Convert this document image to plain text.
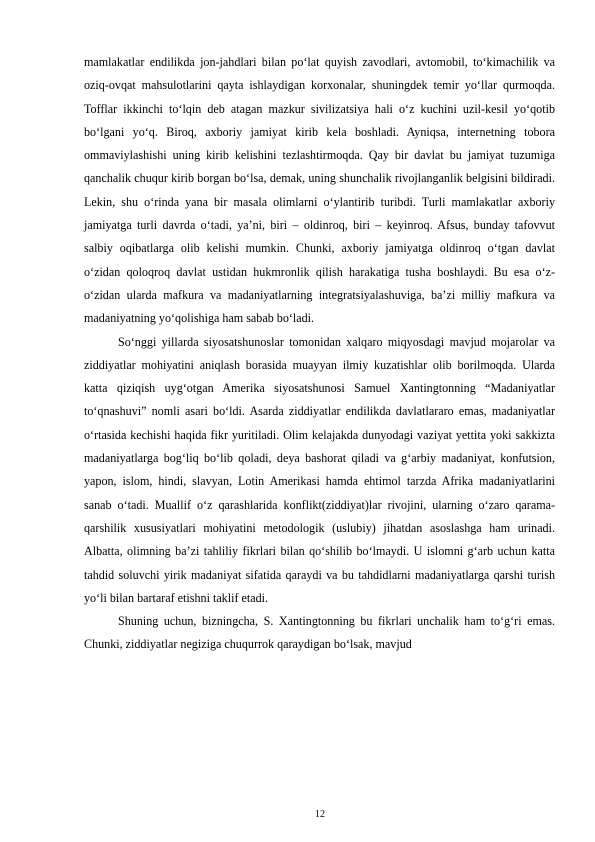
mamlakatlar endilikda jon-jahdlari bilan poʻlat quyish zavodlari, avtomobil, toʻkimachilik va oziq-ovqat mahsulotlarini qayta ishlaydigan korxonalar, shuningdek temir yoʻllar qurmoqda. Tofflar ikkinchi toʻlqin deb atagan mazkur sivilizatsiya hali oʻz kuchini uzil-kesil yoʻqotib boʻlgani yoʻq. Biroq, axboriy jamiyat kirib kela boshladi. Ayniqsa, internetning tobora ommaviylashishi uning kirib kelishini tezlashtirmoqda. Qay bir davlat bu jamiyat tuzumiga qanchalik chuqur kirib borgan boʻlsa, demak, uning shunchalik rivojlanganlik belgisini bildiradi. Lekin, shu oʻrinda yana bir masala olimlarni oʻylantirib turibdi. Turli mamlakatlar axboriy jamiyatga turli davrda oʻtadi, yaʼni, biri – oldinroq, biri – keyinroq. Afsus, bunday tafovvut salbiy oqibatlarga olib kelishi mumkin. Chunki, axboriy jamiyatga oldinroq oʻtgan davlat oʻzidan qoloqroq davlat ustidan hukmronlik qilish harakatiga tusha boshlaydi. Bu esa oʻz-oʻzidan ularda mafkura va madaniyatlarning integratsiyalashuviga, baʼzi milliy mafkura va madaniyatning yoʻqolishiga ham sabab boʻladi.

Soʻnggi yillarda siyosatshunoslar tomonidan xalqaro miqyosdagi mavjud mojarolar va ziddiyatlar mohiyatini aniqlash borasida muayyan ilmiy kuzatishlar olib borilmoqda. Ularda katta qiziqish uygʻotgan Amerika siyosatshunosi Samuel Xantingtonning “Madaniyatlar toʻqnashuvi” nomli asari boʻldi. Asarda ziddiyatlar endilikda davlatlararo emas, madaniyatlar oʻrtasida kechishi haqida fikr yuritiladi. Olim kelajakda dunyodagi vaziyat yettita yoki sakkizta madaniyatlarga bogʻliq boʻlib qoladi, deya bashorat qiladi va gʻarbiy madaniyat, konfutsion, yapon, islom, hindi, slavyan, Lotin Amerikasi hamda ehtimol tarzda Afrika madaniyatlarini sanab oʻtadi. Muallif oʻz qarashlarida konflikt(ziddiyat)lar rivojini, ularning oʻzaro qarama-qarshilik xususiyatlari mohiyatini metodologik (uslubiy) jihatdan asoslashga ham urinadi. Albatta, olimning baʼzi tahliliy fikrlari bilan qoʻshilib boʻlmaydi. U islomni gʻarb uchun katta tahdid soluvchi yirik madaniyat sifatida qaraydi va bu tahdidlarni madaniyatlarga qarshi turish yoʻli bilan bartaraf etishni taklif etadi.

Shuning uchun, bizningcha, S. Xantingtonning bu fikrlari unchalik ham toʻgʻri emas. Chunki, ziddiyatlar negiziga chuqurrok qaraydigan boʻlsak, mavjud

12
